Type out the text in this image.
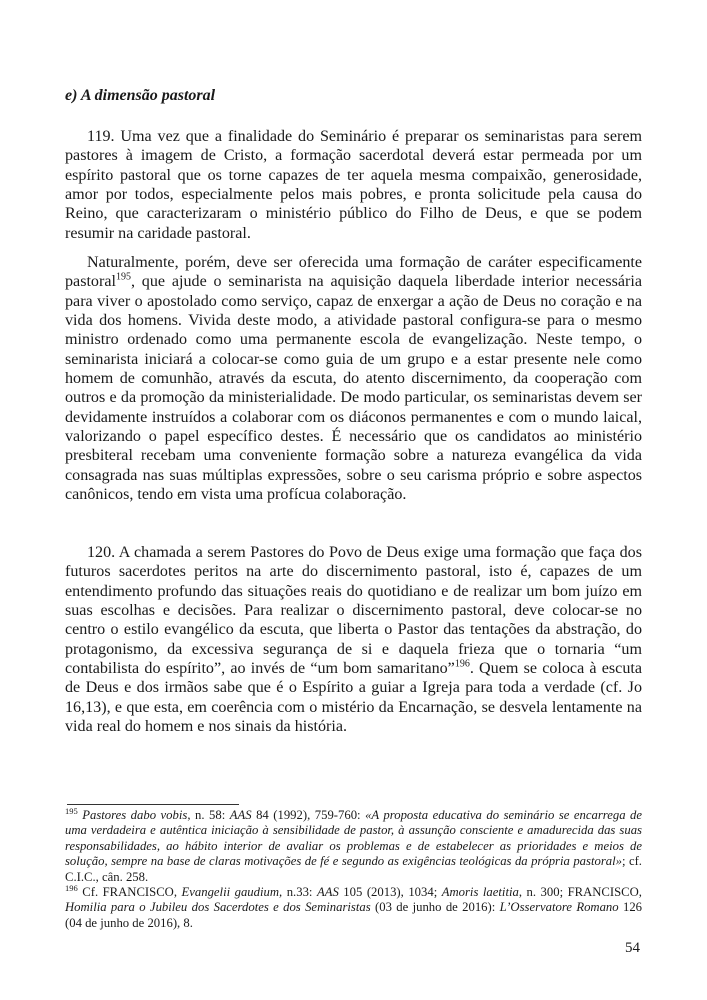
e) A dimensão pastoral

119. Uma vez que a finalidade do Seminário é preparar os seminaristas para serem pastores à imagem de Cristo, a formação sacerdotal deverá estar permeada por um espírito pastoral que os torne capazes de ter aquela mesma compaixão, generosidade, amor por todos, especialmente pelos mais pobres, e pronta solicitude pela causa do Reino, que caracterizaram o ministério público do Filho de Deus, e que se podem resumir na caridade pastoral.

Naturalmente, porém, deve ser oferecida uma formação de caráter especificamente pastoral$^{195}$, que ajude o seminarista na aquisição daquela liberdade interior necessária para viver o apostolado como serviço, capaz de enxergar a ação de Deus no coração e na vida dos homens. Vivida deste modo, a atividade pastoral configura-se para o mesmo ministro ordenado como uma permanente escola de evangelização. Neste tempo, o seminarista iniciará a colocar-se como guia de um grupo e a estar presente nele como homem de comunhão, através da escuta, do atento discernimento, da cooperação com outros e da promoção da ministerialidade. De modo particular, os seminaristas devem ser devidamente instruídos a colaborar com os diáconos permanentes e com o mundo laical, valorizando o papel específico destes. É necessário que os candidatos ao ministério presbiteral recebam uma conveniente formação sobre a natureza evangélica da vida consagrada nas suas múltiplas expressões, sobre o seu carisma próprio e sobre aspectos canônicos, tendo em vista uma profícua colaboração.

120. A chamada a serem Pastores do Povo de Deus exige uma formação que faça dos futuros sacerdotes peritos na arte do discernimento pastoral, isto é, capazes de um entendimento profundo das situações reais do quotidiano e de realizar um bom juízo em suas escolhas e decisões. Para realizar o discernimento pastoral, deve colocar-se no centro o estilo evangélico da escuta, que liberta o Pastor das tentações da abstração, do protagonismo, da excessiva segurança de si e daquela frieza que o tornaria “um contabilista do espírito”, ao invés de “um bom samaritano”$^{196}$. Quem se coloca à escuta de Deus e dos irmãos sabe que é o Espírito a guiar a Igreja para toda a verdade (cf. Jo 16,13), e que esta, em coerência com o mistério da Encarnação, se desvela lentamente na vida real do homem e nos sinais da história.

$^{195}$ Pastores dabo vobis, n. 58: AAS 84 (1992), 759-760: «A proposta educativa do seminário se encarrega de uma verdadeira e autêntica iniciação à sensibilidade de pastor, à assunção consciente e amadurecida das suas responsabilidades, ao hábito interior de avaliar os problemas e de estabelecer as prioridades e meios de solução, sempre na base de claras motivações de fé e segundo as exigências teológicas da própria pastoral»; cf. C.I.C., cân. 258.

$^{196}$ Cf. FRANCISCO, Evangelii gaudium, n.33: AAS 105 (2013), 1034; Amoris laetitia, n. 300; FRANCISCO, Homilia para o Jubileu dos Sacerdotes e dos Seminaristas (03 de junho de 2016): L’Osservatore Romano 126 (04 de junho de 2016), 8.

54
